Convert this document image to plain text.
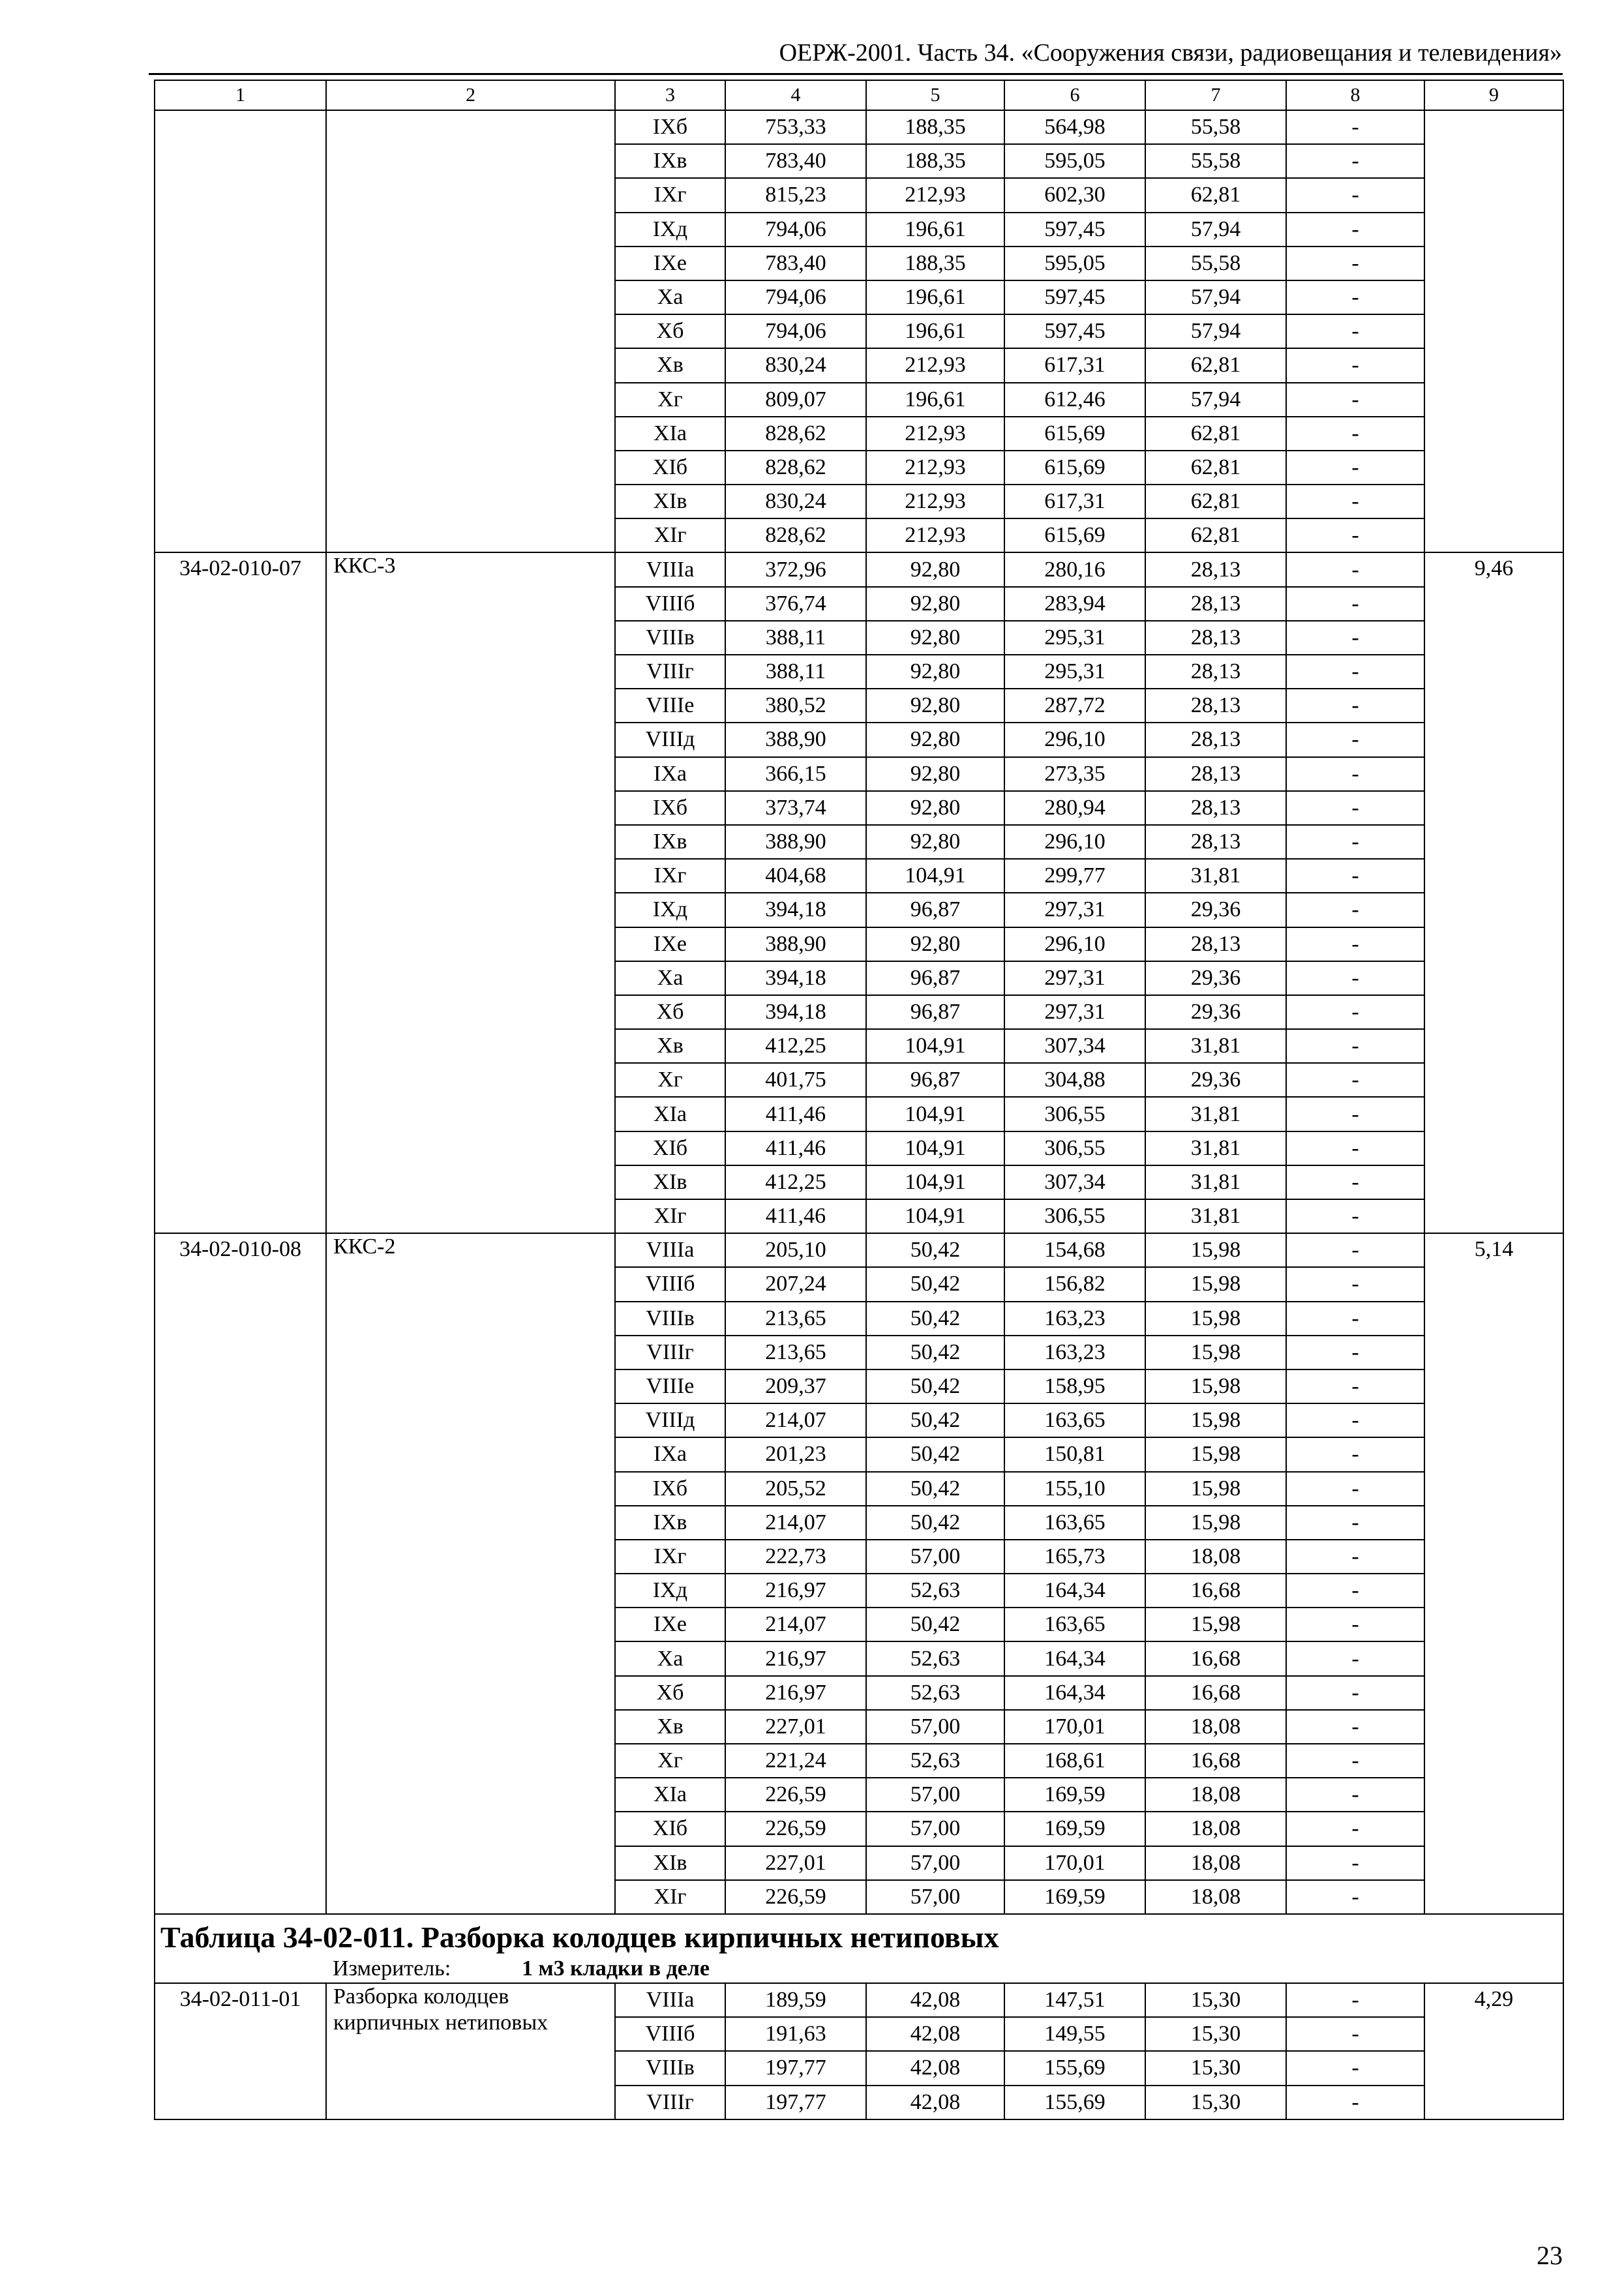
ОЕРЖ-2001. Часть 34. «Сооружения связи, радиовещания и телевидения»
1	2	3	4	5	6	7	8	9
		IXб	753,33	188,35	564,98	55,58	-	
		IXв	783,40	188,35	595,05	55,58	-	
		IXг	815,23	212,93	602,30	62,81	-	
		IXд	794,06	196,61	597,45	57,94	-	
		IXе	783,40	188,35	595,05	55,58	-	
		Xа	794,06	196,61	597,45	57,94	-	
		Xб	794,06	196,61	597,45	57,94	-	
		Xв	830,24	212,93	617,31	62,81	-	
		Xг	809,07	196,61	612,46	57,94	-	
		XIа	828,62	212,93	615,69	62,81	-	
		XIб	828,62	212,93	615,69	62,81	-	
		XIв	830,24	212,93	617,31	62,81	-	
		XIг	828,62	212,93	615,69	62,81	-	
34-02-010-07	ККС-3	VIIIа	372,96	92,80	280,16	28,13	-	9,46
		VIIIб	376,74	92,80	283,94	28,13	-	
		VIIIв	388,11	92,80	295,31	28,13	-	
		VIIIг	388,11	92,80	295,31	28,13	-	
		VIIIе	380,52	92,80	287,72	28,13	-	
		VIIIд	388,90	92,80	296,10	28,13	-	
		IXа	366,15	92,80	273,35	28,13	-	
		IXб	373,74	92,80	280,94	28,13	-	
		IXв	388,90	92,80	296,10	28,13	-	
		IXг	404,68	104,91	299,77	31,81	-	
		IXд	394,18	96,87	297,31	29,36	-	
		IXе	388,90	92,80	296,10	28,13	-	
		Xа	394,18	96,87	297,31	29,36	-	
		Xб	394,18	96,87	297,31	29,36	-	
		Xв	412,25	104,91	307,34	31,81	-	
		Xг	401,75	96,87	304,88	29,36	-	
		XIа	411,46	104,91	306,55	31,81	-	
		XIб	411,46	104,91	306,55	31,81	-	
		XIв	412,25	104,91	307,34	31,81	-	
		XIг	411,46	104,91	306,55	31,81	-	
34-02-010-08	ККС-2	VIIIа	205,10	50,42	154,68	15,98	-	5,14
		VIIIб	207,24	50,42	156,82	15,98	-	
		VIIIв	213,65	50,42	163,23	15,98	-	
		VIIIг	213,65	50,42	163,23	15,98	-	
		VIIIе	209,37	50,42	158,95	15,98	-	
		VIIIд	214,07	50,42	163,65	15,98	-	
		IXа	201,23	50,42	150,81	15,98	-	
		IXб	205,52	50,42	155,10	15,98	-	
		IXв	214,07	50,42	163,65	15,98	-	
		IXг	222,73	57,00	165,73	18,08	-	
		IXд	216,97	52,63	164,34	16,68	-	
		IXе	214,07	50,42	163,65	15,98	-	
		Xа	216,97	52,63	164,34	16,68	-	
		Xб	216,97	52,63	164,34	16,68	-	
		Xв	227,01	57,00	170,01	18,08	-	
		Xг	221,24	52,63	168,61	16,68	-	
		XIа	226,59	57,00	169,59	18,08	-	
		XIб	226,59	57,00	169,59	18,08	-	
		XIв	227,01	57,00	170,01	18,08	-	
		XIг	226,59	57,00	169,59	18,08	-	

Таблица 34-02-011. Разборка колодцев кирпичных нетиповых
Измеритель: 1 м3 кладки в деле								

34-02-011-01	Разборка колодцев кирпичных нетиповых	VIIIа	189,59	42,08	147,51	15,30	-	4,29
		VIIIб	191,63	42,08	149,55	15,30	-	
		VIIIв	197,77	42,08	155,69	15,30	-	
		VIIIг	197,77	42,08	155,69	15,30	-	
23
